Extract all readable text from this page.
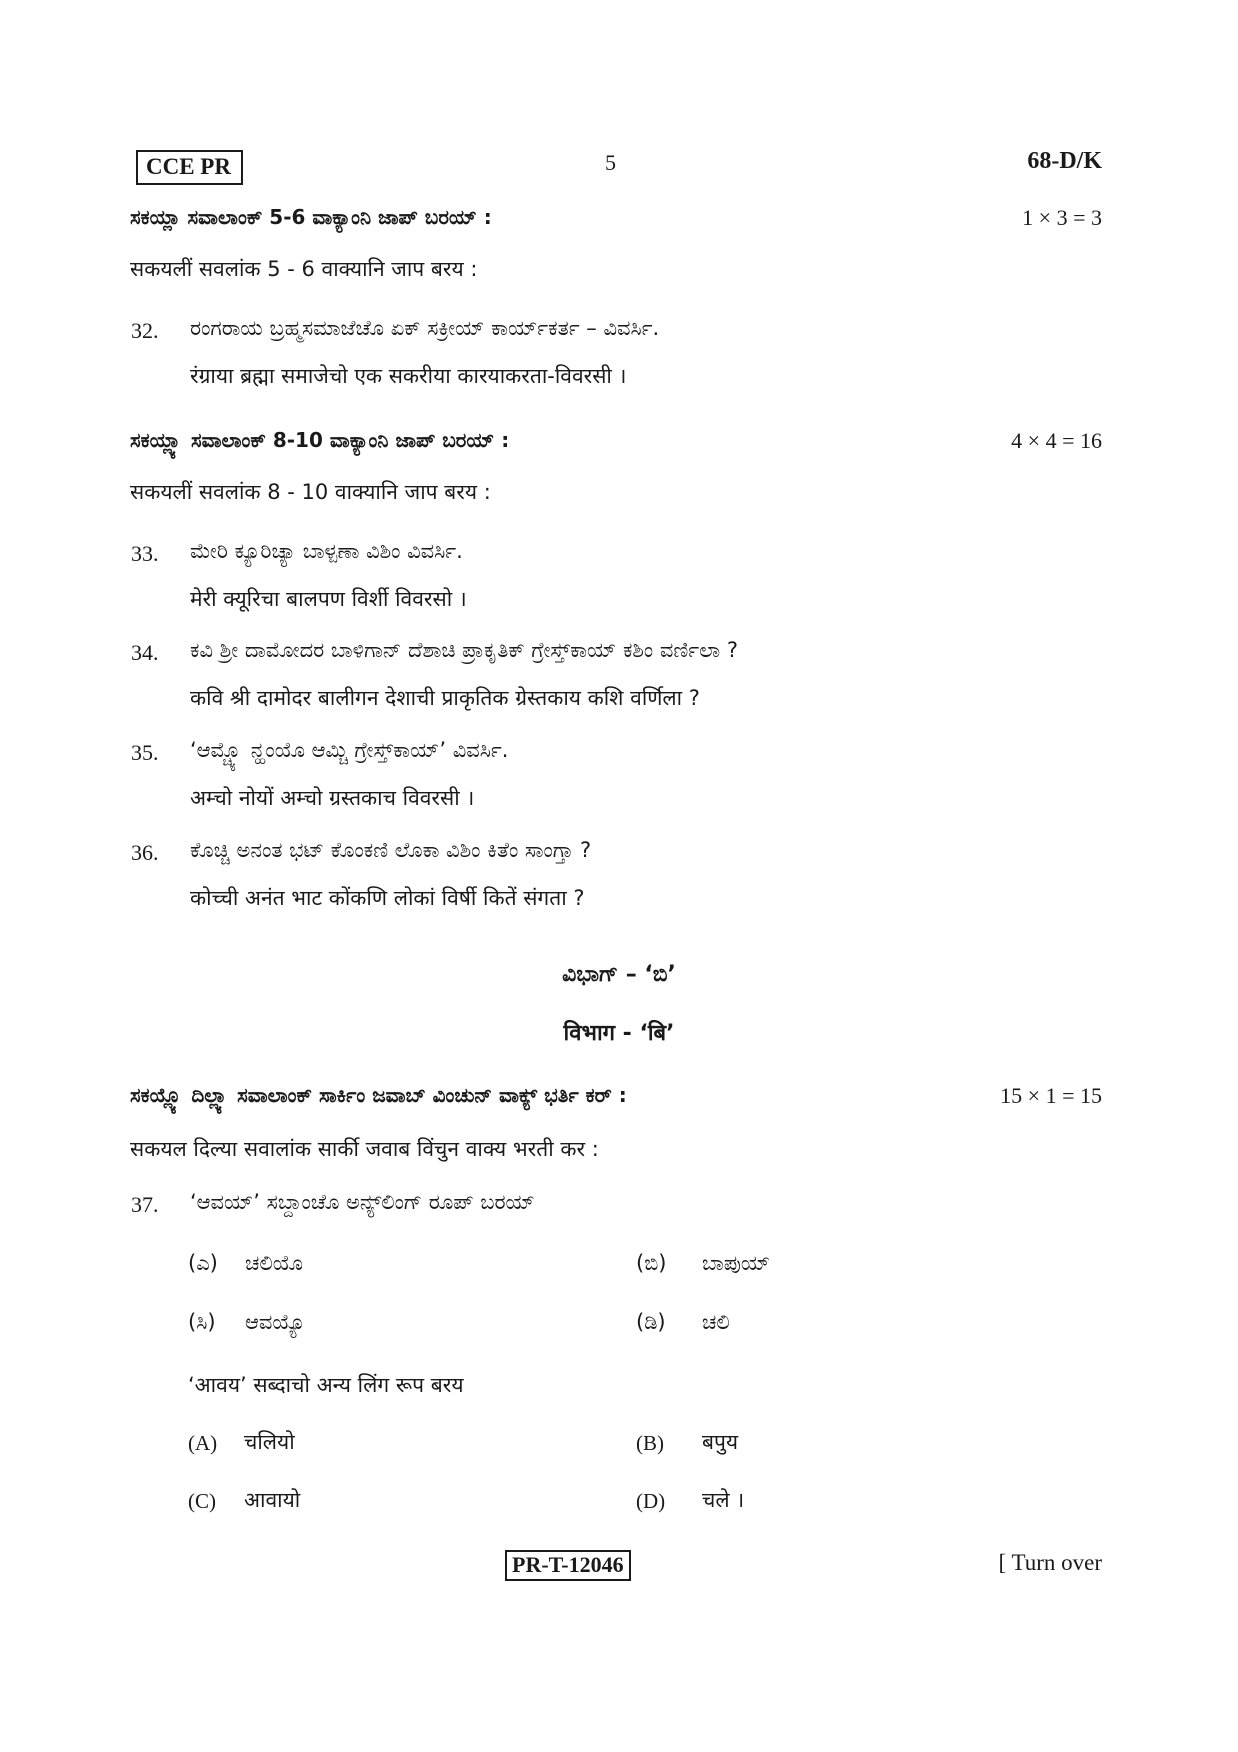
CCE PR	5	68-D/K
ಸಕಯ್ಲಾ ಸವಾಲಾಂಕ್ 5-6 ವಾಕ್ಯಾಂನಿ ಜಾಪ್ ಬರಯ್ :	1 × 3 = 3
सकयलीं सवलांक 5 - 6 वाक्यानि जाप बरय :
32. ರಂಗರಾಯ ಬ್ರಹ್ಮಸಮಾಜೆಚೊ ಏಕ್ ಸಕ್ರೀಯ್ ಕಾರ್ಯ್‌ಕರ್ತ – ವಿವರ್ಸಿ.
रंग्राया ब्रह्मा समाजेचो एक सकरीया कारयाकरता-विवरसी ।
ಸಕಯ್ಲ್ಯಾ ಸವಾಲಾಂಕ್ 8-10 ವಾಕ್ಯಾಂನಿ ಜಾಪ್ ಬರಯ್ :	4 × 4 = 16
सकयलीं सवलांक 8 - 10 वाक्यानि जाप बरय :
33. ಮೇರಿ ಕ್ಯೂರಿಚ್ಯಾ ಬಾಳ್ಪಣಾ ವಿಶಿಂ ವಿವರ್ಸಿ.
मेरी क्यूरिचा बालपण विर्शी विवरसो ।
34. ಕವಿ ಶ್ರೀ ದಾಮೋದರ ಬಾಳಿಗಾನ್ ದೆಶಾಚಿ ಪ್ರಾಕೃತಿಕ್ ಗ್ರೇಸ್ತ್‌ಕಾಯ್ ಕಶಿಂ ವರ್ಣಿಲಾ ?
कवि श्री दामोदर बालीगन देशाची प्राकृतिक ग्रेस्तकाय कशि वर्णिला ?
35. ‘ಆಮ್ಚ್ಯೊ ನ್ಹಂಯೊ ಆಮ್ಚಿ ಗ್ರೇಸ್ತ್‌ಕಾಯ್’ ವಿವರ್ಸಿ.
अम्चो नोयों अम्चो ग्रस्तकाच विवरसी ।
36. ಕೊಚ್ಚಿ ಅನಂತ ಭಟ್ ಕೊಂಕಣಿ ಲೊಕಾ ವಿಶಿಂ ಕಿತೆಂ ಸಾಂಗ್ತಾ ?
कोच्ची अनंत भाट कोंकणि लोकां विर्षी कितें संगता ?
ವಿಭಾಗ್ – ‘ಬಿ’
विभाग - ‘बि’
ಸಕಯ್ಲ್ಯೊ ದಿಲ್ಲ್ಯಾ ಸವಾಲಾಂಕ್ ಸಾರ್ಕಿಂ ಜವಾಬ್ ವಿಂಚುನ್ ವಾಕ್ಯ್ ಭರ್ತಿ ಕರ್ :	15 × 1 = 15
सकयल दिल्या सवालांक सार्की जवाब विंचुन वाक्य भरती कर :
37. ‘ಆವಯ್’ ಸಬ್ದಾಂಚೊ ಅನ್ಯ್‌ಲಿಂಗ್ ರೂಪ್ ಬರಯ್
(ಎ) ಚಲಿಯೊ	(ಬಿ) ಬಾಪುಯ್
(ಸಿ) ಆವಯ್ಯೊ	(ಡಿ) ಚಲಿ
‘आवय’ सब्दाचो अन्य लिंग रूप बरय
(A) चलियो	(B) बपुय
(C) आवायो	(D) चले ।
PR-T-12046	[ Turn over
